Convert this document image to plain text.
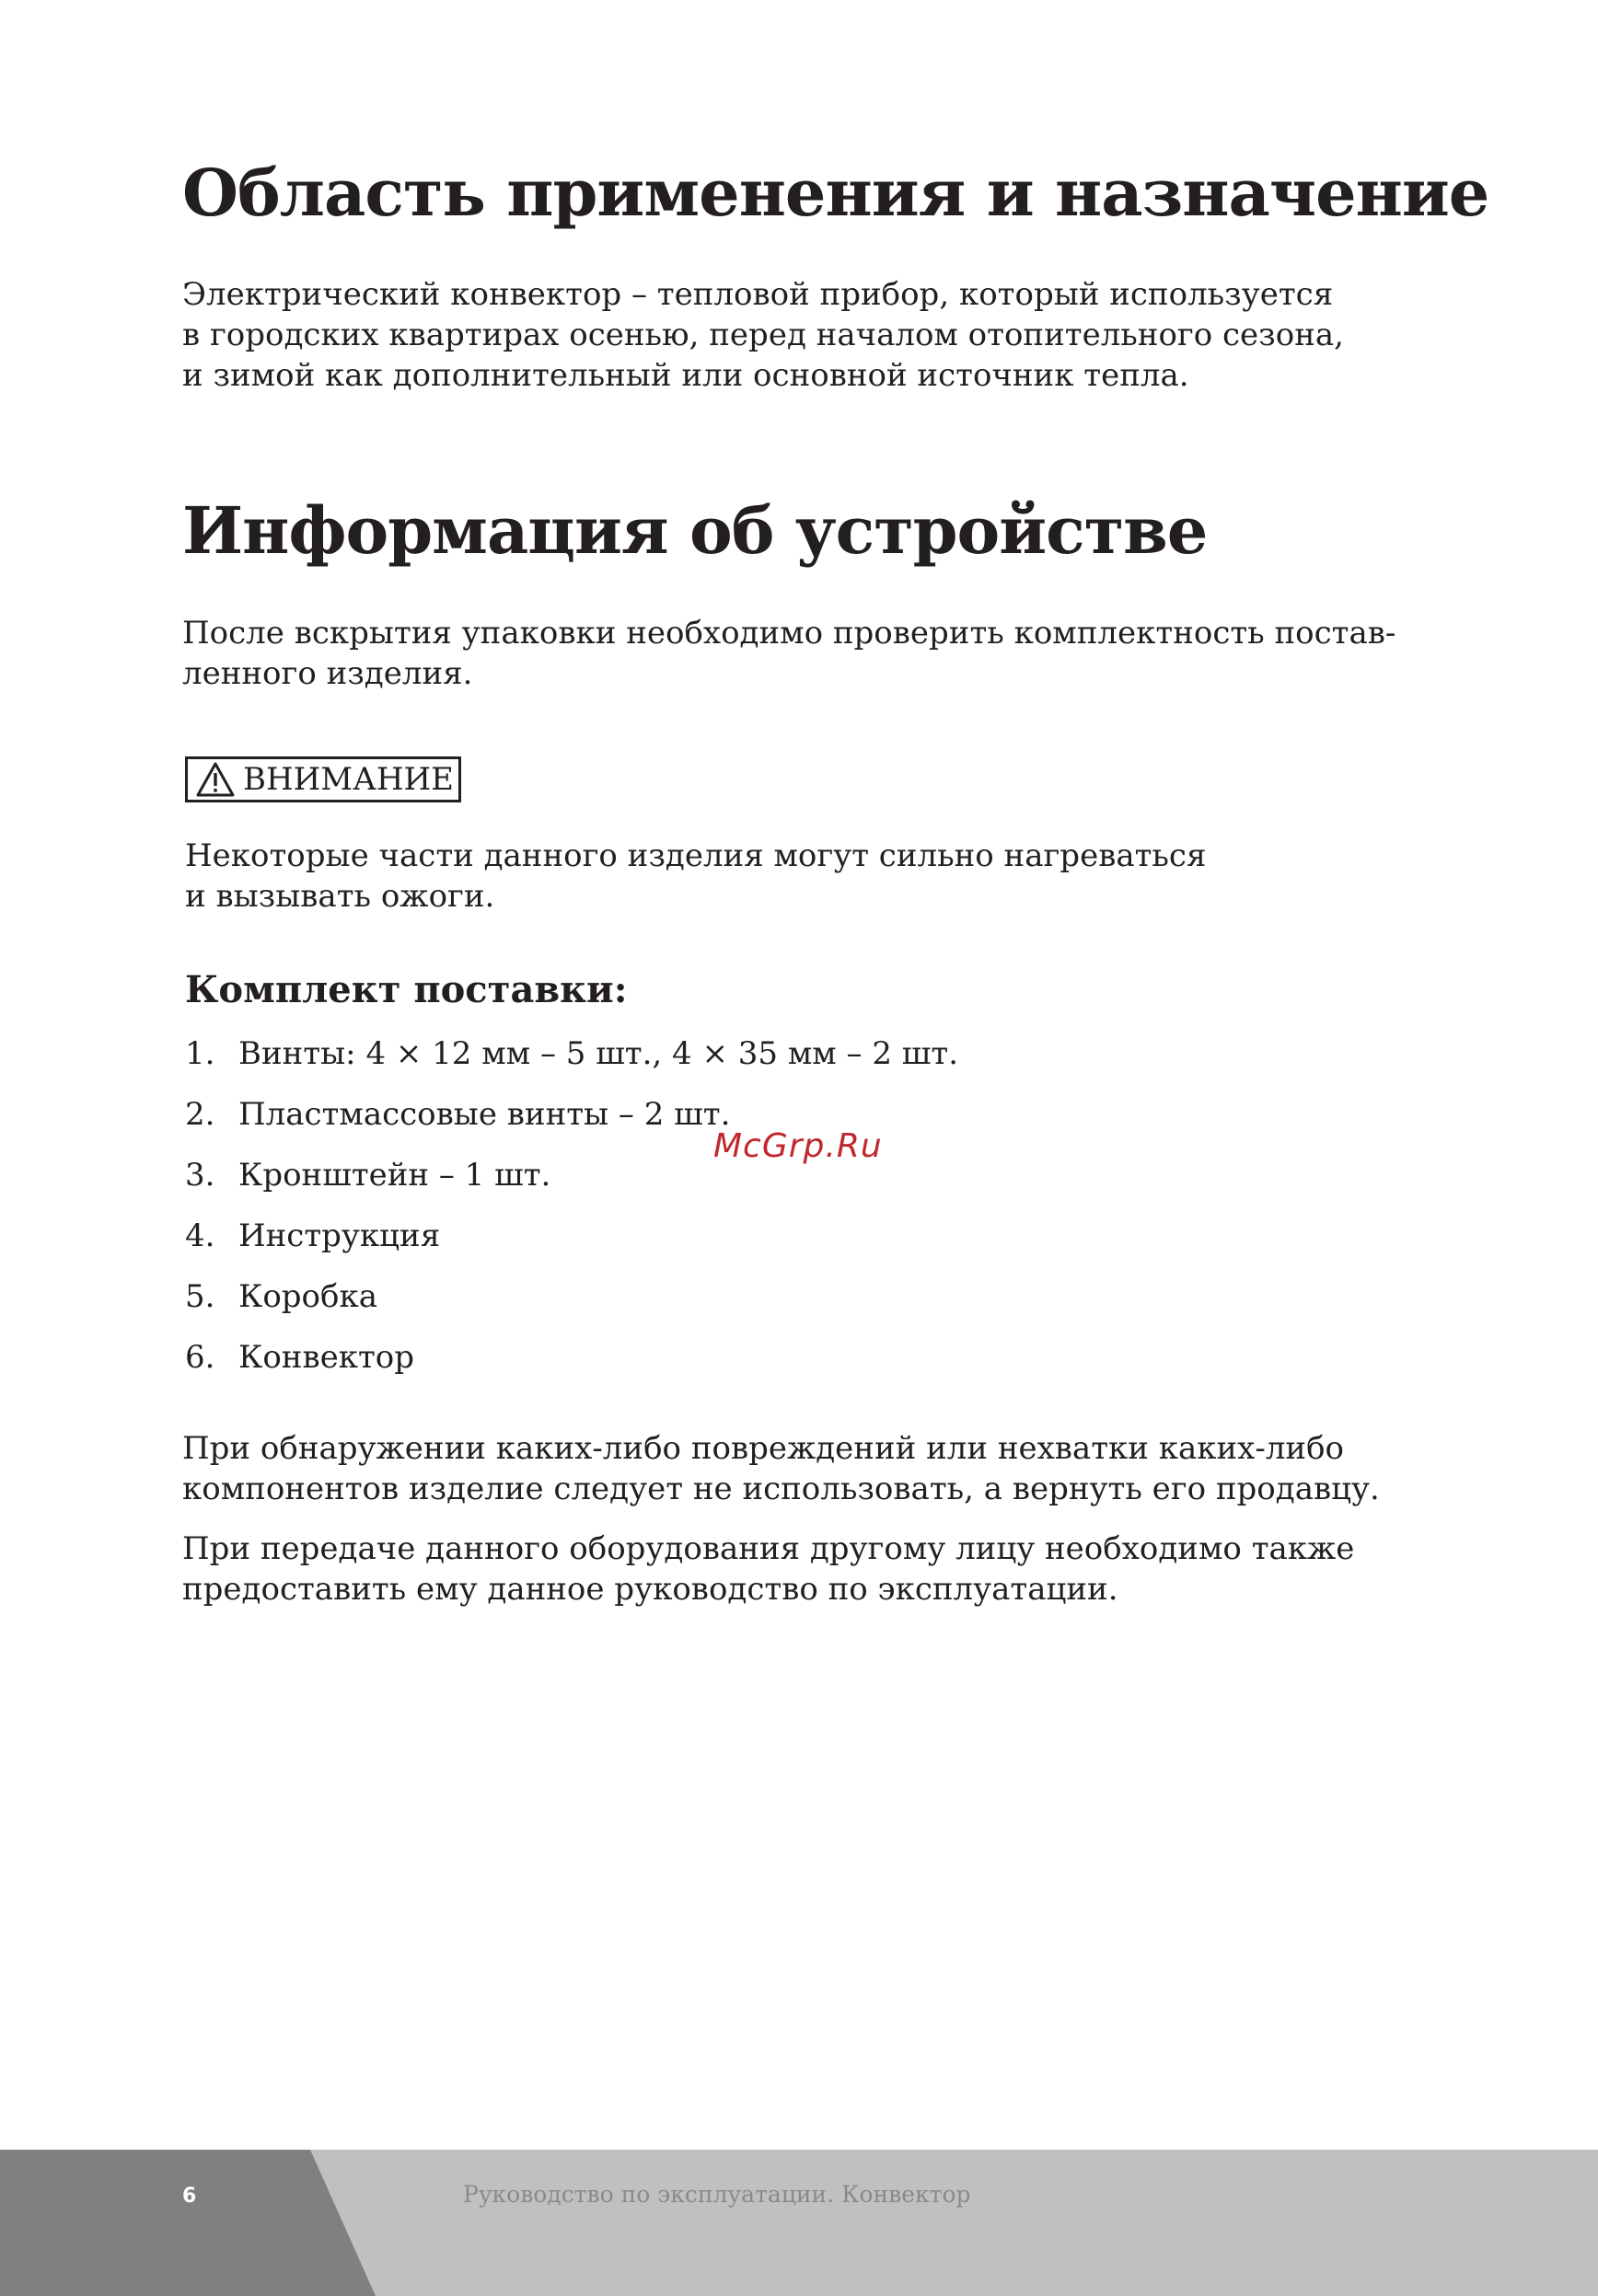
Область применения и назначение
Электрический конвектор – тепловой прибор, который используется
в городских квартирах осенью, перед началом отопительного сезона,
и зимой как дополнительный или основной источник тепла.
Информация об устройстве
После вскрытия упаковки необходимо проверить комплектность постав-
ленного изделия.
ВНИМАНИЕ
Некоторые части данного изделия могут сильно нагреваться
и вызывать ожоги.
Комплект поставки:
1. Винты: 4 × 12 мм – 5 шт., 4 × 35 мм – 2 шт.
2. Пластмассовые винты – 2 шт.
3. Кронштейн – 1 шт.
4. Инструкция
5. Коробка
6. Конвектор
При обнаружении каких-либо повреждений или нехватки каких-либо
компонентов изделие следует не использовать, а вернуть его продавцу.
При передаче данного оборудования другому лицу необходимо также
предоставить ему данное руководство по эксплуатации.
McGrp.Ru
6	Руководство по эксплуатации. Конвектор
